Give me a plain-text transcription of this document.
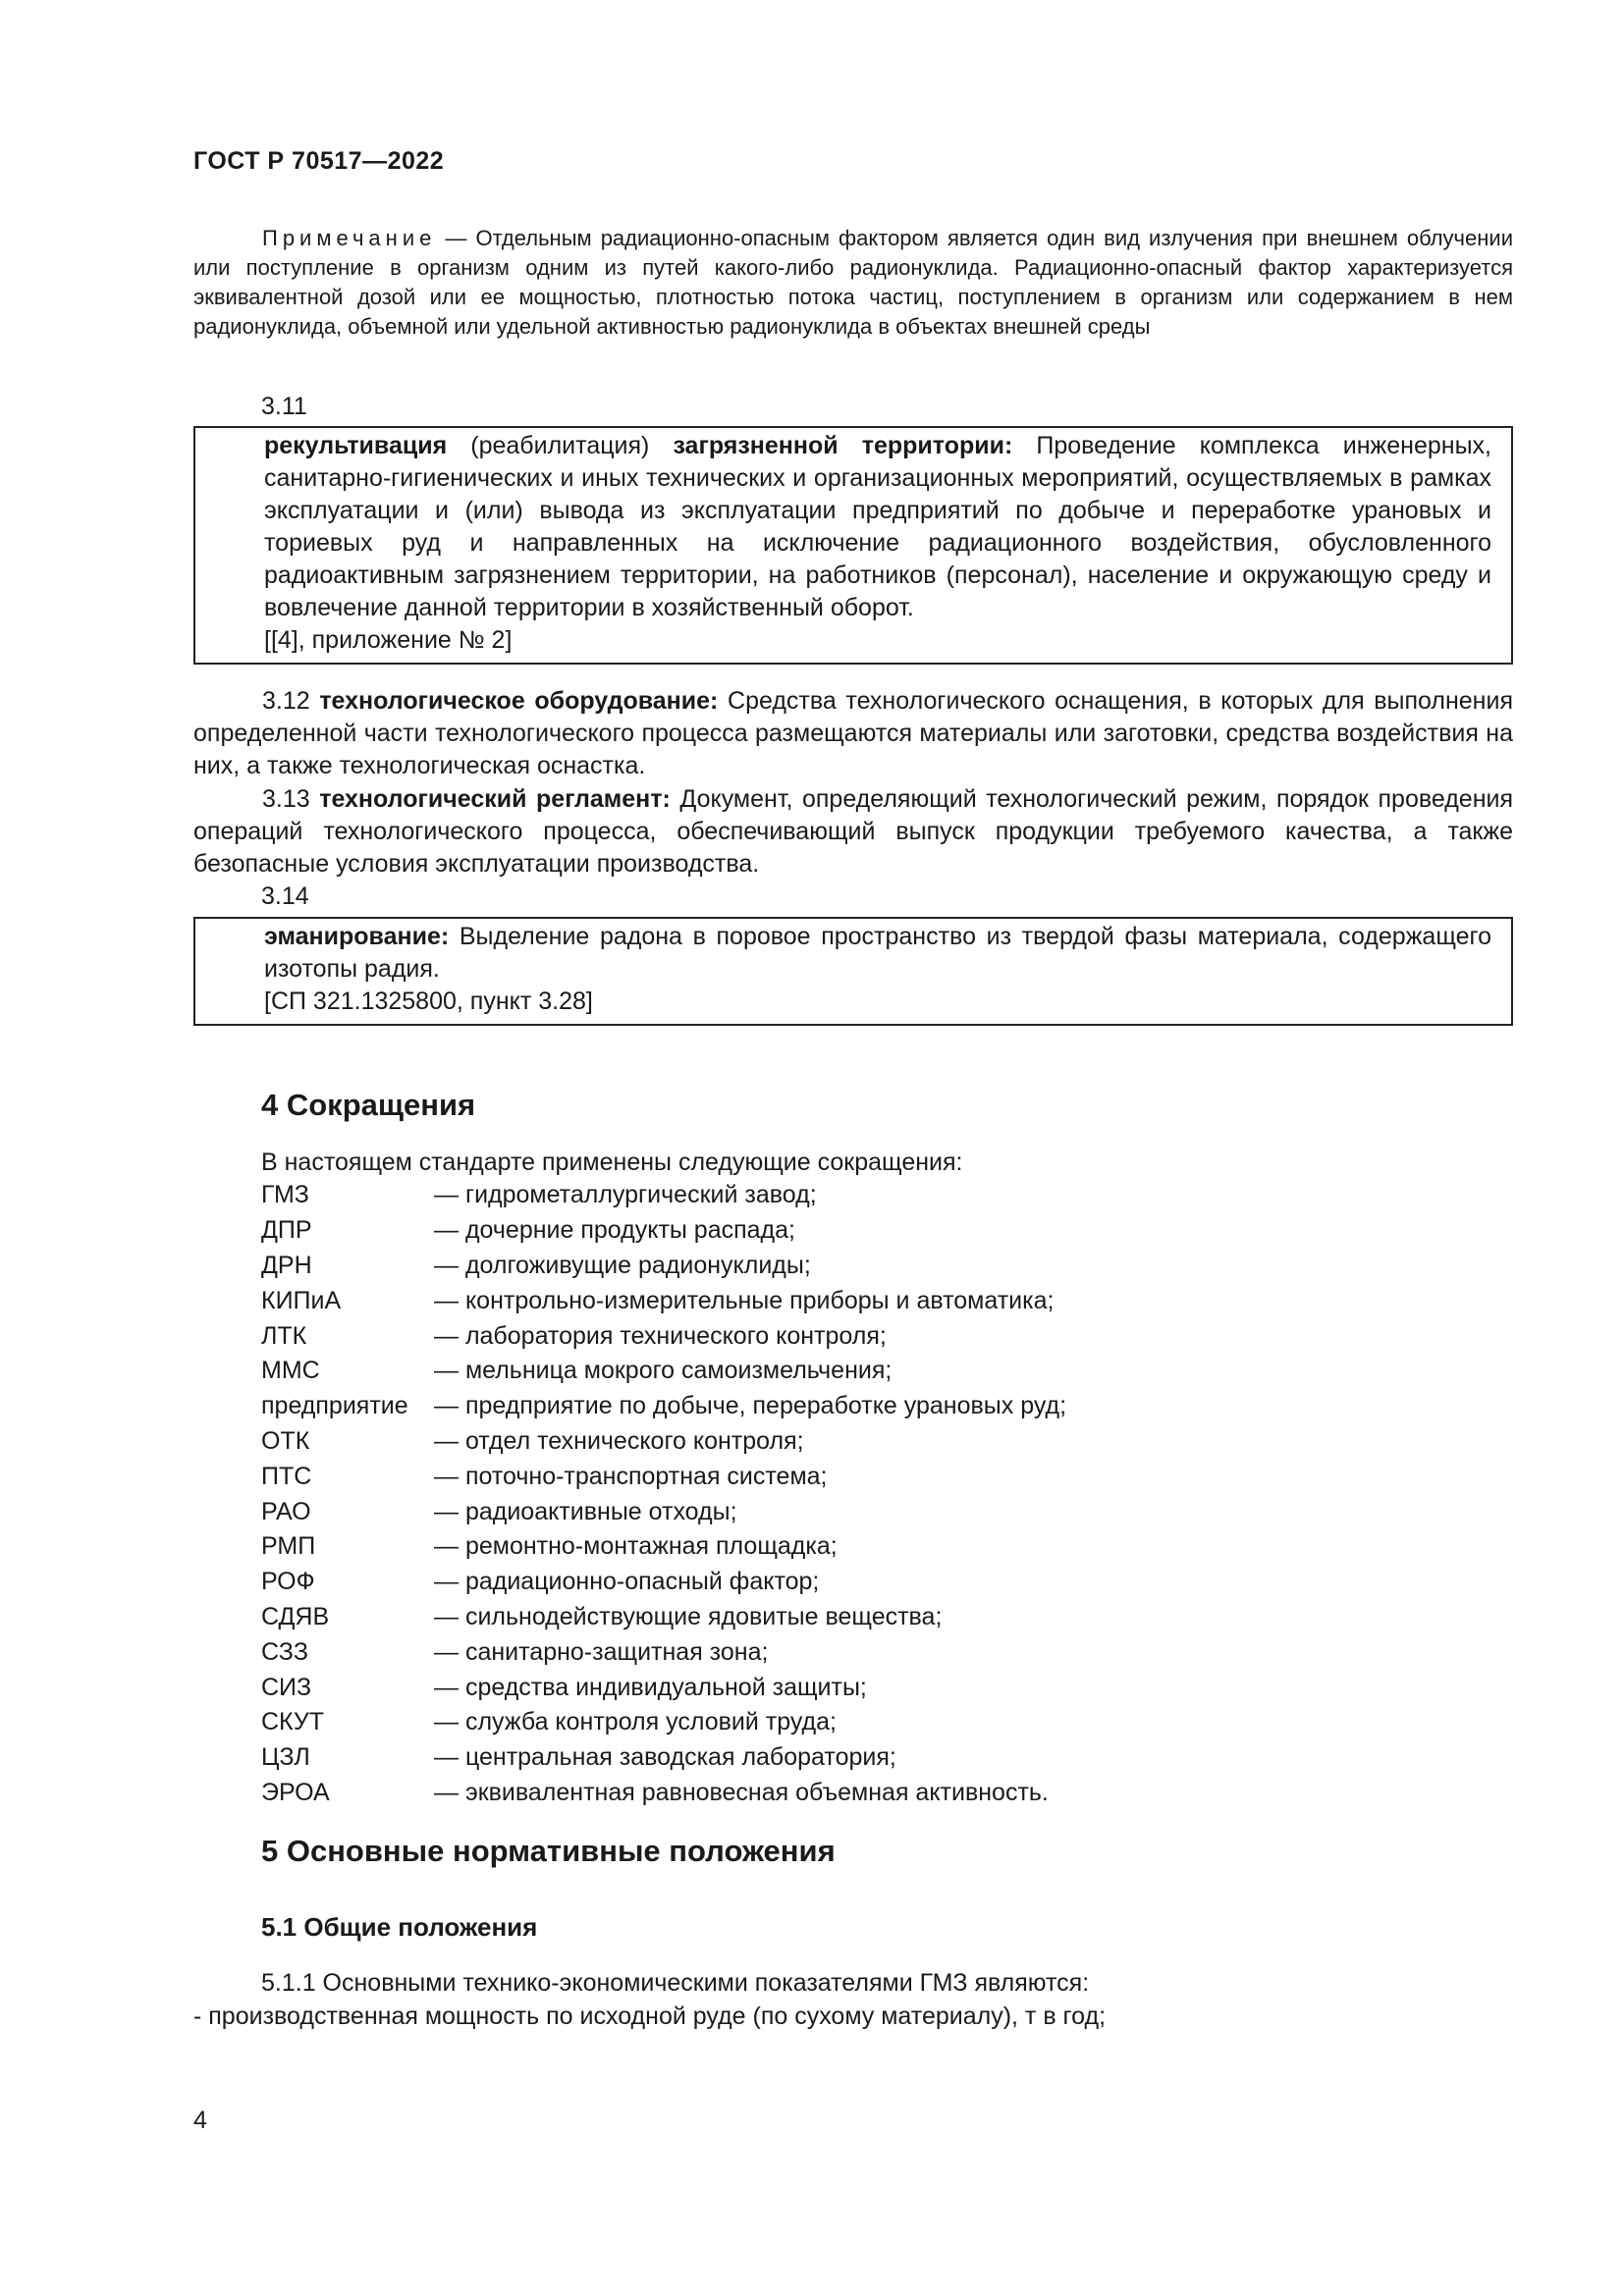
ГОСТ Р 70517—2022
Примечание — Отдельным радиационно-опасным фактором является один вид излучения при внешнем облучении или поступление в организм одним из путей какого-либо радионуклида. Радиационно-опасный фактор характеризуется эквивалентной дозой или ее мощностью, плотностью потока частиц, поступлением в организм или содержанием в нем радионуклида, объемной или удельной активностью радионуклида в объектах внешней среды
3.11

рекультивация (реабилитация) загрязненной территории: Проведение комплекса инженерных, санитарно-гигиенических и иных технических и организационных мероприятий, осуществляемых в рамках эксплуатации и (или) вывода из эксплуатации предприятий по добыче и переработке урановых и ториевых руд и направленных на исключение радиационного воздействия, обусловленного радиоактивным загрязнением территории, на работников (персонал), население и окружающую среду и вовлечение данной территории в хозяйственный оборот.

[[4], приложение № 2]

3.12 технологическое оборудование: Средства технологического оснащения, в которых для выполнения определенной части технологического процесса размещаются материалы или заготовки, средства воздействия на них, а также технологическая оснастка.
3.13 технологический регламент: Документ, определяющий технологический режим, порядок проведения операций технологического процесса, обеспечивающий выпуск продукции требуемого качества, а также безопасные условия эксплуатации производства.
3.14

эманирование: Выделение радона в поровое пространство из твердой фазы материала, содержащего изотопы радия.

[СП 321.1325800, пункт 3.28]

4 Сокращения
В настоящем стандарте применены следующие сокращения:
ГМЗ	— гидрометаллургический завод;
ДПР	— дочерние продукты распада;
ДРН	— долгоживущие радионуклиды;
КИПиА	— контрольно-измерительные приборы и автоматика;
ЛТК	— лаборатория технического контроля;
ММС	— мельница мокрого самоизмельчения;
предприятие	— предприятие по добыче, переработке урановых руд;
ОТК	— отдел технического контроля;
ПТС	— поточно-транспортная система;
РАО	— радиоактивные отходы;
РМП	— ремонтно-монтажная площадка;
РОФ	— радиационно-опасный фактор;
СДЯВ	— сильнодействующие ядовитые вещества;
СЗЗ	— санитарно-защитная зона;
СИЗ	— средства индивидуальной защиты;
СКУТ	— служба контроля условий труда;
ЦЗЛ	— центральная заводская лаборатория;
ЭРОА	— эквивалентная равновесная объемная активность.
5 Основные нормативные положения
5.1 Общие положения
5.1.1 Основными технико-экономическими показателями ГМЗ являются:
- производственная мощность по исходной руде (по сухому материалу), т в год;
4
